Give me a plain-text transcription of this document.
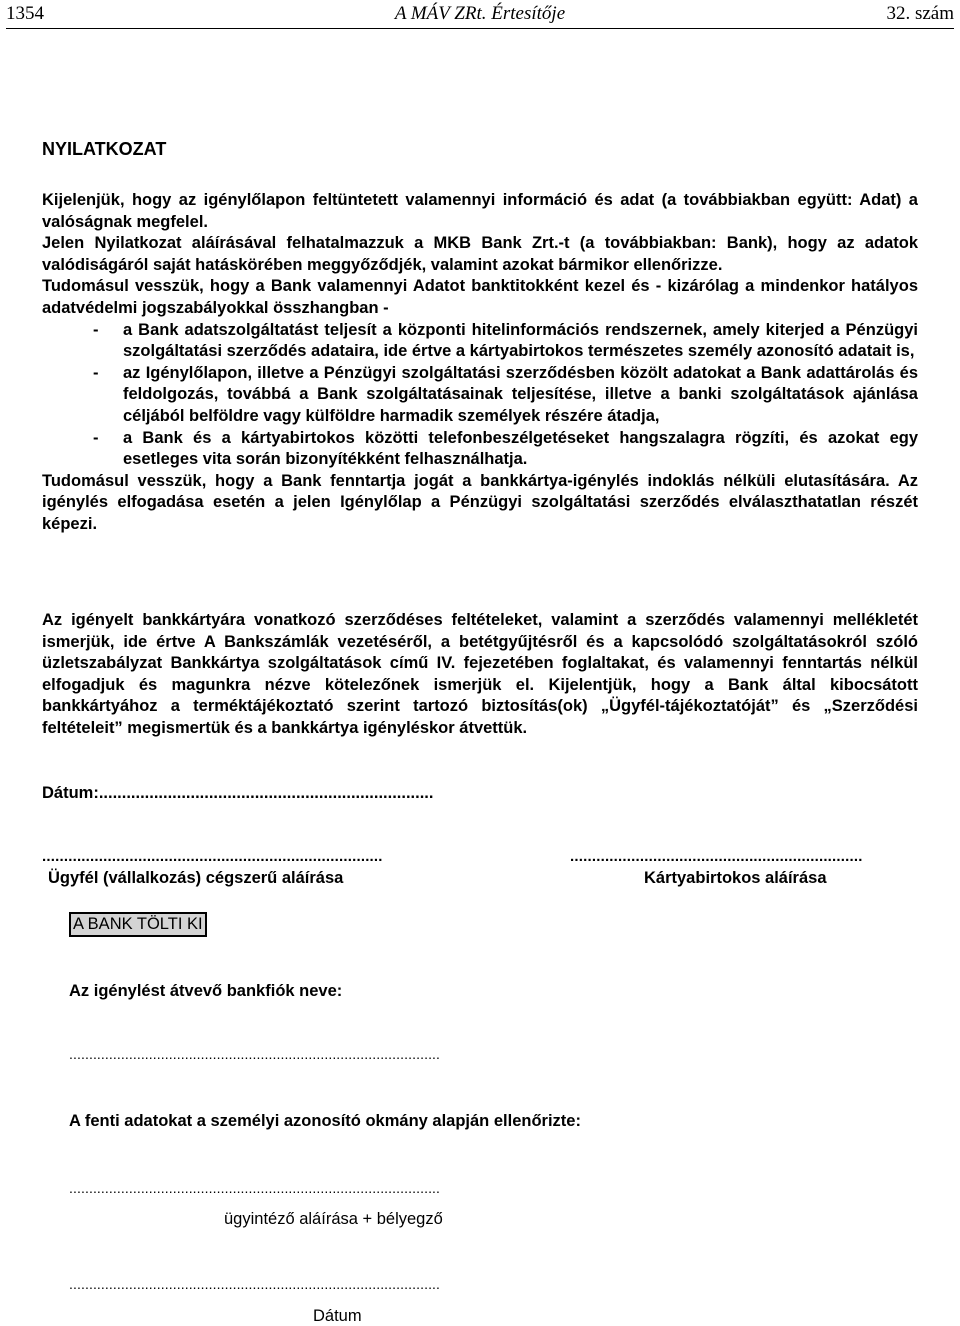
1354	A MÁV ZRt. Értesítője	32. szám
NYILATKOZAT

Kijelenjük, hogy az igénylőlapon feltüntetett valamennyi információ és adat (a továbbiakban együtt: Adat) a valóságnak megfelel.

Jelen Nyilatkozat aláírásával felhatalmazzuk a MKB Bank Zrt.-t (a továbbiakban: Bank), hogy az adatok valódiságáról saját hatáskörében meggyőződjék, valamint azokat bármikor ellenőrizze.

Tudomásul vesszük, hogy a Bank valamennyi Adatot banktitokként kezel és - kizárólag a mindenkor hatályos adatvédelmi jogszabályokkal összhangban -

- a Bank adatszolgáltatást teljesít a központi hitelinformációs rendszernek, amely kiterjed a Pénzügyi szolgáltatási szerződés adataira, ide értve a kártyabirtokos természetes személy azonosító adatait is,
- az Igénylőlapon, illetve a Pénzügyi szolgáltatási szerződésben közölt adatokat a Bank adattárolás és feldolgozás, továbbá a Bank szolgáltatásainak teljesítése, illetve a banki szolgáltatások ajánlása céljából belföldre vagy külföldre harmadik személyek részére átadja,
- a Bank és a kártyabirtokos közötti telefonbeszélgetéseket hangszalagra rögzíti, és azokat egy esetleges vita során bizonyítékként felhasználhatja.

Tudomásul vesszük, hogy a Bank fenntartja jogát a bankkártya-igénylés indoklás nélküli elutasítására. Az igénylés elfogadása esetén a jelen Igénylőlap a Pénzügyi szolgáltatási szerződés elválaszthatatlan részét képezi.

Az igényelt bankkártyára vonatkozó szerződéses feltételeket, valamint a szerződés valamennyi mellékletét ismerjük, ide értve A Bankszámlák vezetéséről, a betétgyűjtésről és a kapcsolódó szolgáltatásokról szóló üzletszabályzat Bankkártya szolgáltatások című IV. fejezetében foglaltakat, és valamennyi fenntartás nélkül elfogadjuk és magunkra nézve kötelezőnek ismerjük el. Kijelentjük, hogy a Bank által kibocsátott bankkártyához a terméktájékoztató szerint tartozó biztosítás(ok) „Ügyfél-tájékoztatóját” és „Szerződési feltételeit” megismertük és a bankkártya igényléskor átvettük.

Dátum:.........................................................................
..............................................................................	...................................................................
Ügyfél (vállalkozás) cégszerű aláírása	Kártyabirtokos aláírása
A BANK TÖLTI KI
Az igénylést átvevő bankfiók neve:
.............................................................................................
A fenti adatokat a személyi azonosító okmány alapján ellenőrizte:
.............................................................................................
ügyintéző aláírása + bélyegző
.............................................................................................
Dátum
